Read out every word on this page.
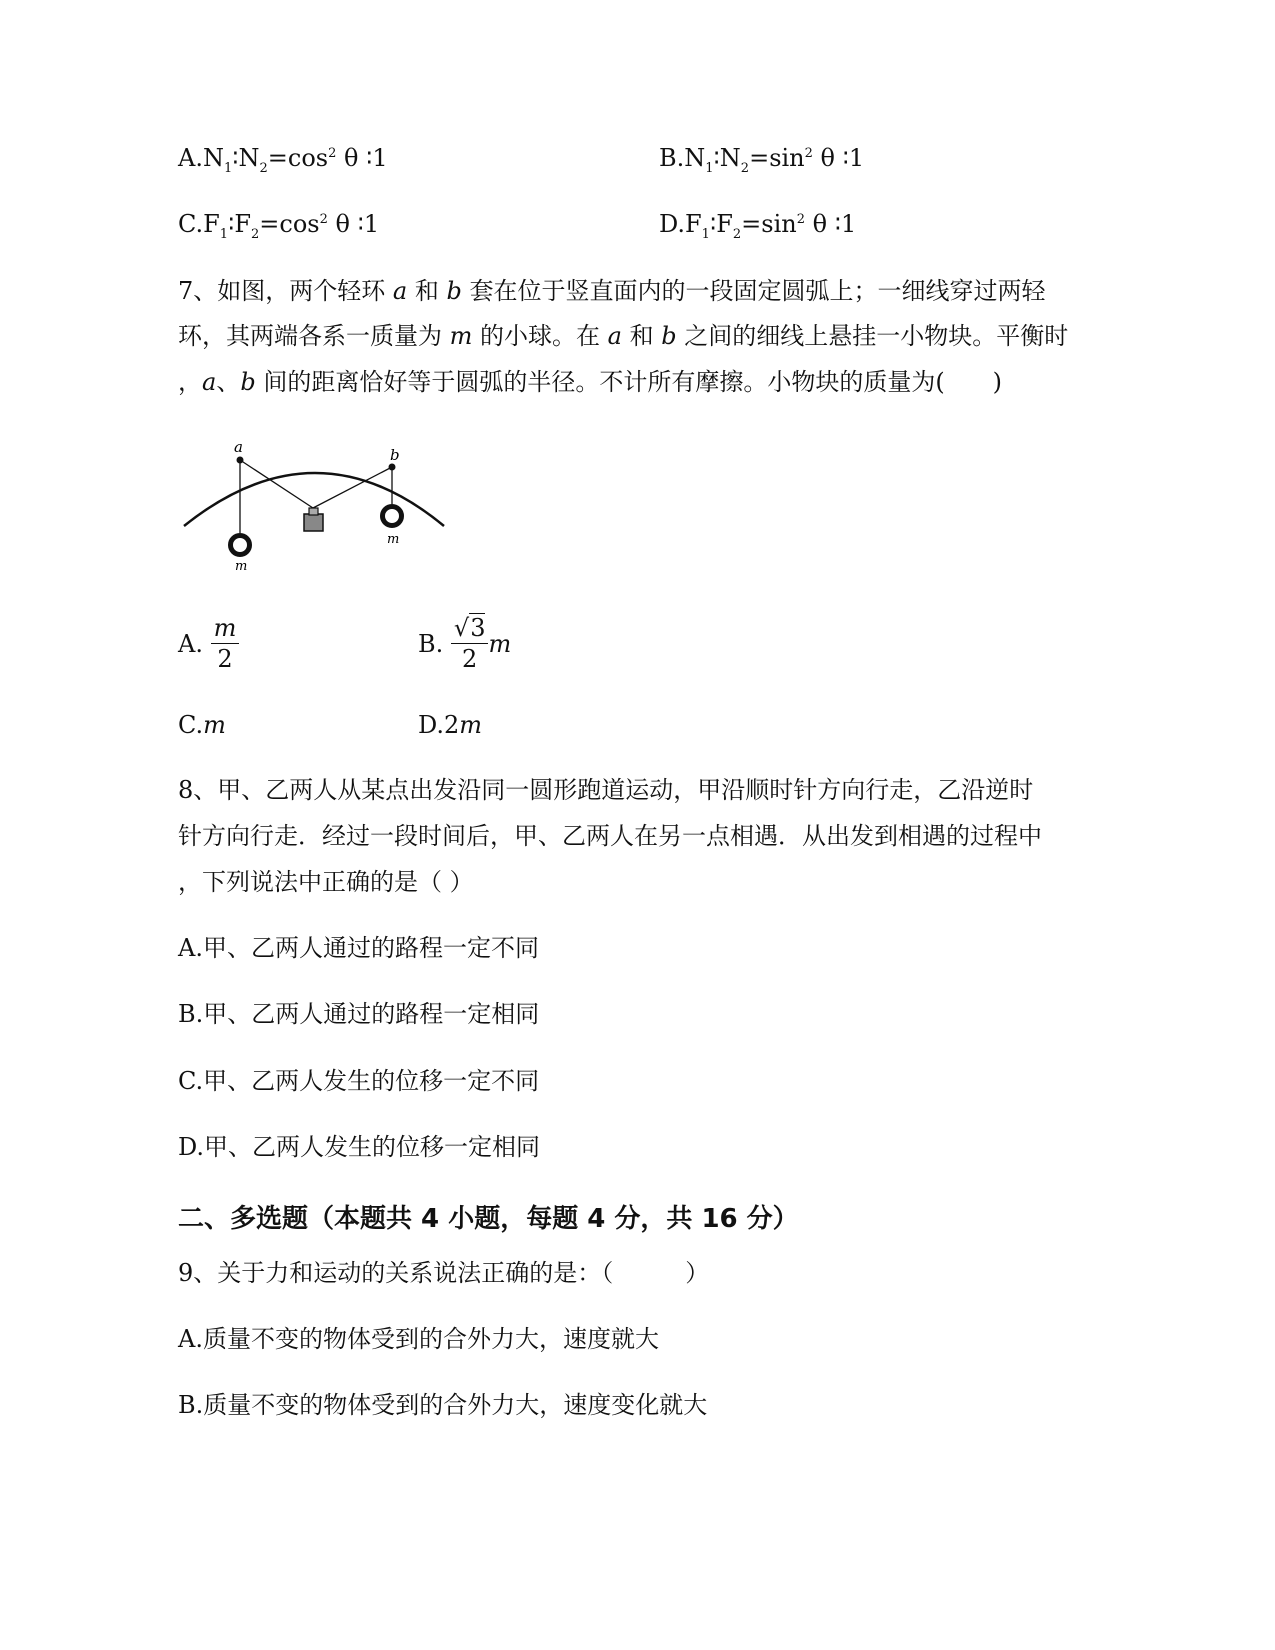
$A.N_1∶N_2=\cos^2$ θ ∶1	$B.N_1∶N_2=\sin^2$ θ ∶1
$C.F_1∶F_2=\cos^2$ θ ∶1	$D.F_1∶F_2=\sin^2$ θ ∶1
7、如图，两个轻环 a 和 b 套在位于竖直面内的一段固定圆弧上；一细线穿过两轻
环，其两端各系一质量为 m 的小球。在 a 和 b 之间的细线上悬挂一小物块。平衡时
，a、b 间的距离恰好等于圆弧的半径。不计所有摩擦。小物块的质量为(　　)
a	b
m
m
A. $\frac{m}{2}$	B. $\frac{√3}{2}$ m
C.m	D.2m
8、甲、乙两人从某点出发沿同一圆形跑道运动，甲沿顺时针方向行走，乙沿逆时
针方向行走．经过一段时间后，甲、乙两人在另一点相遇．从出发到相遇的过程中
，下列说法中正确的是（ ）
A.甲、乙两人通过的路程一定不同
B.甲、乙两人通过的路程一定相同
C.甲、乙两人发生的位移一定不同
D.甲、乙两人发生的位移一定相同
二、多选题（本题共 4 小题，每题 4 分，共 16 分）
9、关于力和运动的关系说法正确的是：（　　　）
A.质量不变的物体受到的合外力大，速度就大
B.质量不变的物体受到的合外力大，速度变化就大
